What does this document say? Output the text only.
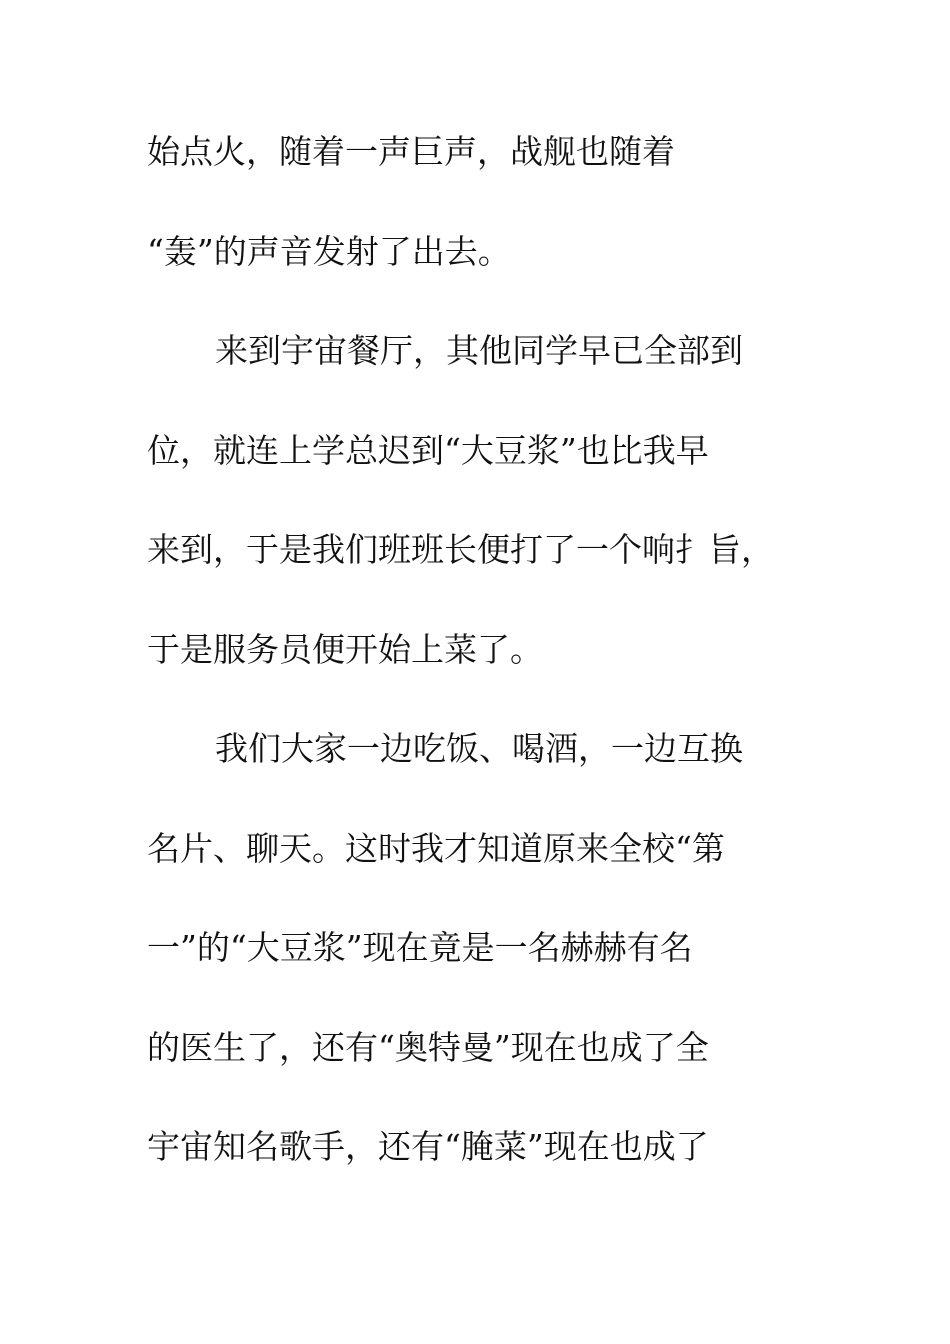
始点火，随着一声巨声，战舰也随着
“轰”的声音发射了出去。
来到宇宙餐厅，其他同学早已全部到
位，就连上学总迟到“大豆浆”也比我早
来到，于是我们班班长便打了一个响扌旨，
于是服务员便开始上菜了。
我们大家一边吃饭、喝酒，一边互换
名片、聊天。这时我才知道原来全校“第
一”的“大豆浆”现在竟是一名赫赫有名
的医生了，还有“奥特曼”现在也成了全
宇宙知名歌手，还有“腌菜”现在也成了
